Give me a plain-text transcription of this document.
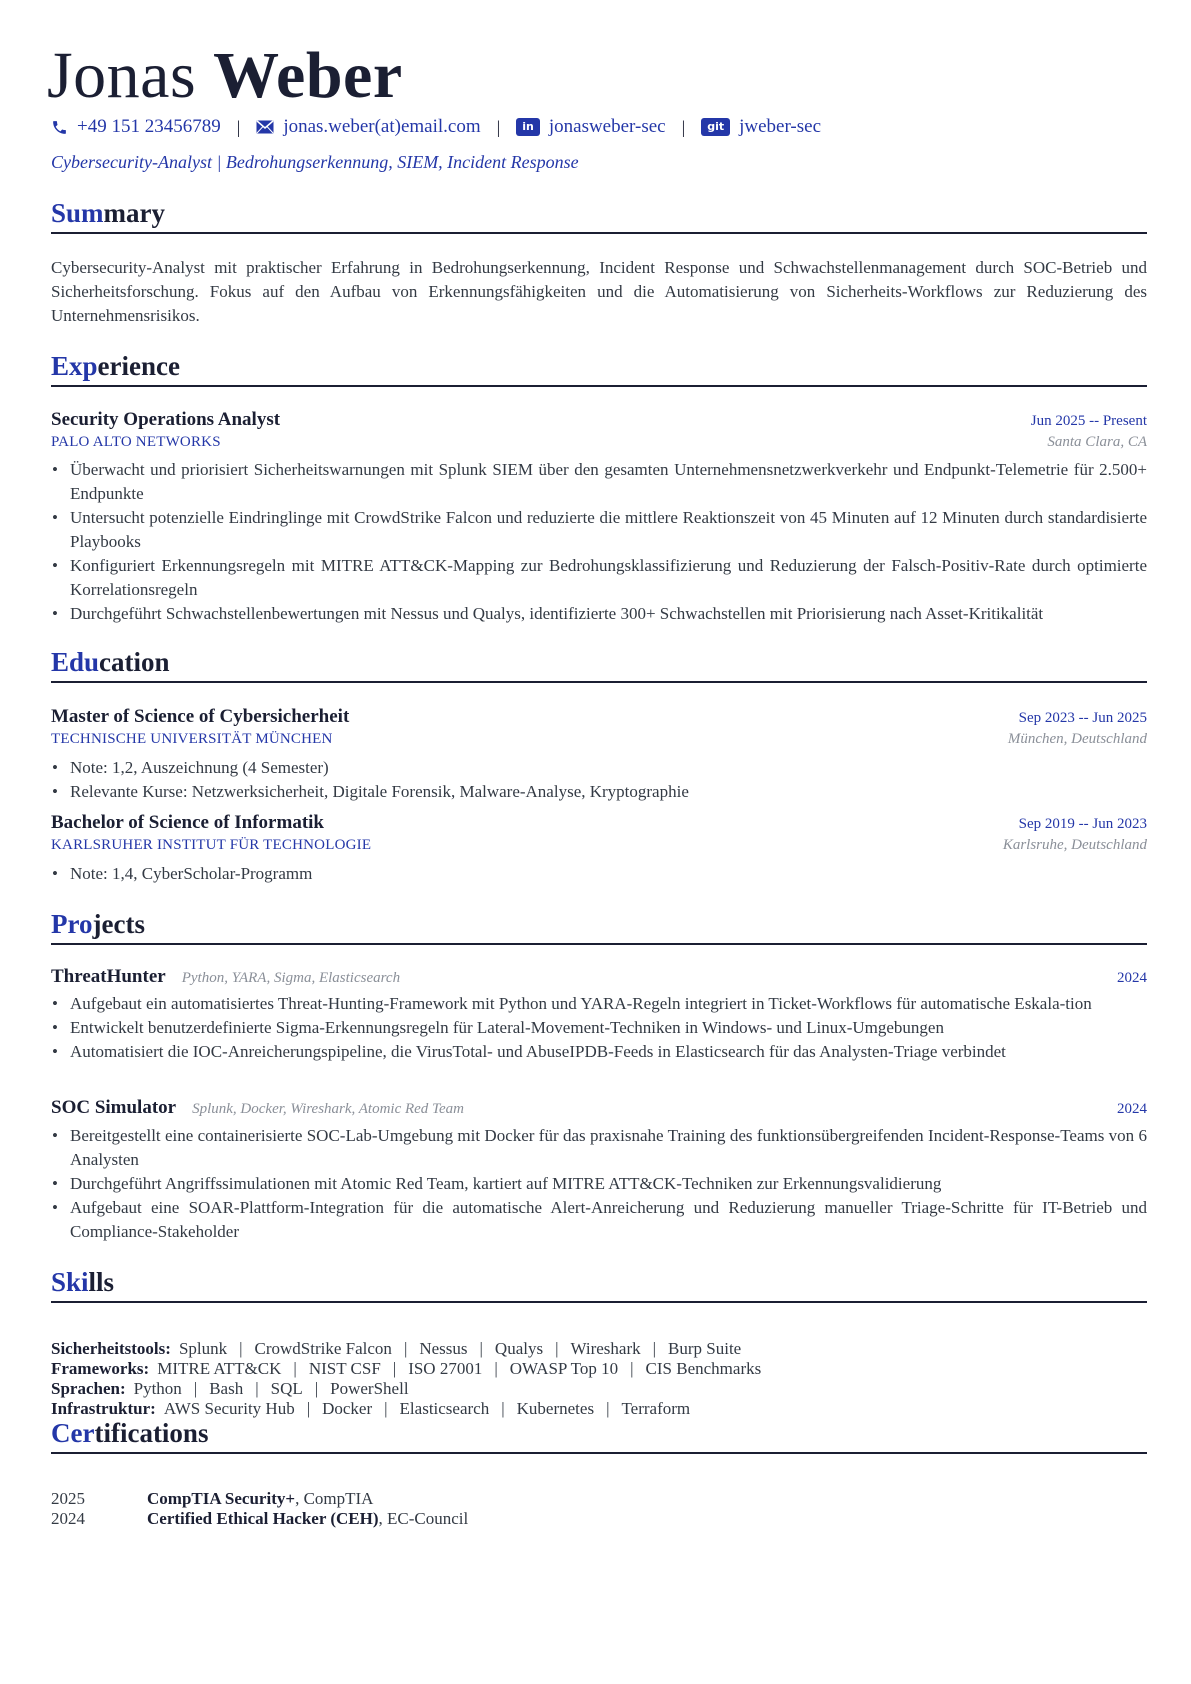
Jonas Weber
+49 151 23456789 | jonas.weber(at)email.com |	in jonasweber-sec |	git jweber-sec
Cybersecurity-Analyst | Bedrohungserkennung, SIEM, Incident Response
Summary
Cybersecurity-Analyst mit praktischer Erfahrung in Bedrohungserkennung, Incident Response und Schwachstellenmanagement durch SOC-Betrieb und Sicherheitsforschung. Fokus auf den Aufbau von Erkennungsfähigkeiten und die Automatisierung von Sicherheits-Workflows zur Reduzierung des Unternehmensrisikos.
Experience
Security Operations Analyst	Jun 2025 -- Present
PALO ALTO NETWORKS	Santa Clara, CA
• Überwacht und priorisiert Sicherheitswarnungen mit Splunk SIEM über den gesamten Unternehmensnetzwerkverkehr und Endpunkt-Telemetrie für 2.500+ Endpunkte
• Untersucht potenzielle Eindringlinge mit CrowdStrike Falcon und reduzierte die mittlere Reaktionszeit von 45 Minuten auf 12 Minuten durch standardisierte Playbooks
• Konfiguriert Erkennungsregeln mit MITRE ATT&CK-Mapping zur Bedrohungsklassifizierung und Reduzierung der Falsch-Positiv-Rate durch optimierte Korrelationsregeln
• Durchgeführt Schwachstellenbewertungen mit Nessus und Qualys, identifizierte 300+ Schwachstellen mit Priorisierung nach Asset-Kritikalität
Education
Master of Science of Cybersicherheit	Sep 2023 -- Jun 2025
TECHNISCHE UNIVERSITÄT MÜNCHEN	München, Deutschland
• Note: 1,2, Auszeichnung (4 Semester)
• Relevante Kurse: Netzwerksicherheit, Digitale Forensik, Malware-Analyse, Kryptographie
Bachelor of Science of Informatik	Sep 2019 -- Jun 2023
KARLSRUHER INSTITUT FÜR TECHNOLOGIE	Karlsruhe, Deutschland
• Note: 1,4, CyberScholar-Programm
Projects
ThreatHunter Python, YARA, Sigma, Elasticsearch	2024
• Aufgebaut ein automatisiertes Threat-Hunting-Framework mit Python und YARA-Regeln integriert in Ticket-Workflows für automatische Eskala-tion
• Entwickelt benutzerdefinierte Sigma-Erkennungsregeln für Lateral-Movement-Techniken in Windows- und Linux-Umgebungen
• Automatisiert die IOC-Anreicherungspipeline, die VirusTotal- und AbuseIPDB-Feeds in Elasticsearch für das Analysten-Triage verbindet
SOC Simulator Splunk, Docker, Wireshark, Atomic Red Team	2024
• Bereitgestellt eine containerisierte SOC-Lab-Umgebung mit Docker für das praxisnahe Training des funktionsübergreifenden Incident-Response-Teams von 6 Analysten
• Durchgeführt Angriffssimulationen mit Atomic Red Team, kartiert auf MITRE ATT&CK-Techniken zur Erkennungsvalidierung
• Aufgebaut eine SOAR-Plattform-Integration für die automatische Alert-Anreicherung und Reduzierung manueller Triage-Schritte für IT-Betrieb und Compliance-Stakeholder
Skills
Sicherheitstools: Splunk | CrowdStrike Falcon | Nessus | Qualys | Wireshark | Burp Suite
Frameworks: MITRE ATT&CK | NIST CSF | ISO 27001 | OWASP Top 10 | CIS Benchmarks
Sprachen: Python | Bash | SQL | PowerShell
Infrastruktur: AWS Security Hub | Docker | Elasticsearch | Kubernetes | Terraform
Certifications
2025	CompTIA Security+, CompTIA
2024	Certified Ethical Hacker (CEH), EC-Council
